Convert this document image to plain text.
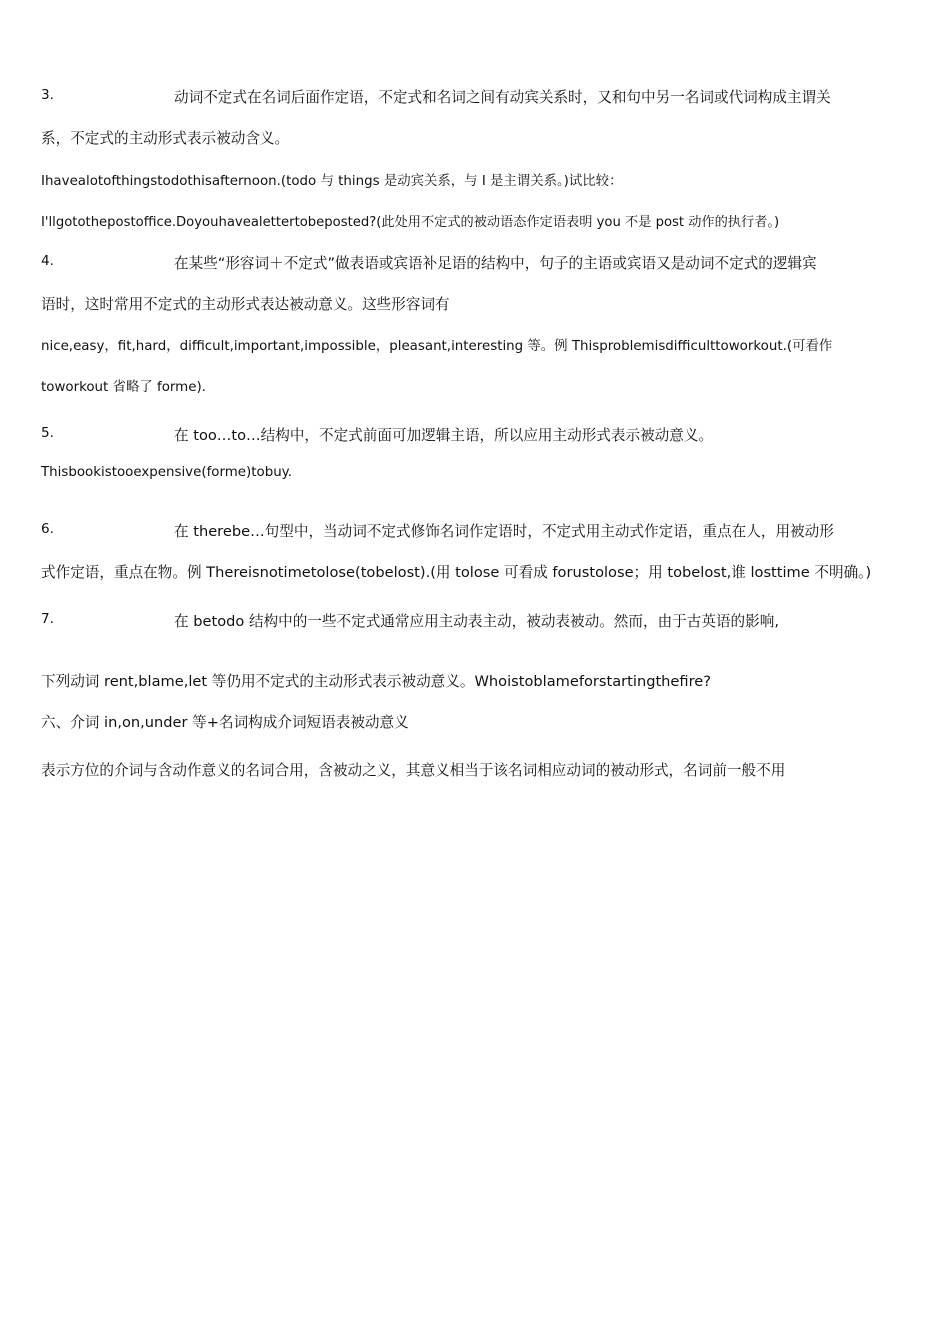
3.	动词不定式在名词后面作定语，不定式和名词之间有动宾关系时，又和句中另一名词或代词构成主谓关
系，不定式的主动形式表示被动含义。
Ihavealotofthingstodothisafternoon.(todo 与 things 是动宾关系，与 I 是主谓关系。)试比较：
I'llgotothepostoffice.Doyouhavealettertobeposted?(此处用不定式的被动语态作定语表明 you 不是 post 动作的执行者。)
4.	在某些“形容词＋不定式”做表语或宾语补足语的结构中，句子的主语或宾语又是动词不定式的逻辑宾
语时，这时常用不定式的主动形式表达被动意义。这些形容词有
nice,easy，fit,hard，difficult,important,impossible，pleasant,interesting 等。例 Thisproblemisdifficulttoworkout.(可看作
toworkout 省略了 forme).
5.	在 too…to…结构中，不定式前面可加逻辑主语，所以应用主动形式表示被动意义。
Thisbookistooexpensive(forme)tobuy.
6.	在 therebe…句型中，当动词不定式修饰名词作定语时，不定式用主动式作定语，重点在人，用被动形
式作定语，重点在物。例 Thereisnotimetolose(tobelost).(用 tolose 可看成 forustolose；用 tobelost,谁 losttime 不明确。)
7.	在 betodo 结构中的一些不定式通常应用主动表主动，被动表被动。然而，由于古英语的影响,
下列动词 rent,blame,let 等仍用不定式的主动形式表示被动意义。Whoistoblameforstartingthefire?
六、介词 in,on,under 等+名词构成介词短语表被动意义
表示方位的介词与含动作意义的名词合用，含被动之义，其意义相当于该名词相应动词的被动形式，名词前一般不用
